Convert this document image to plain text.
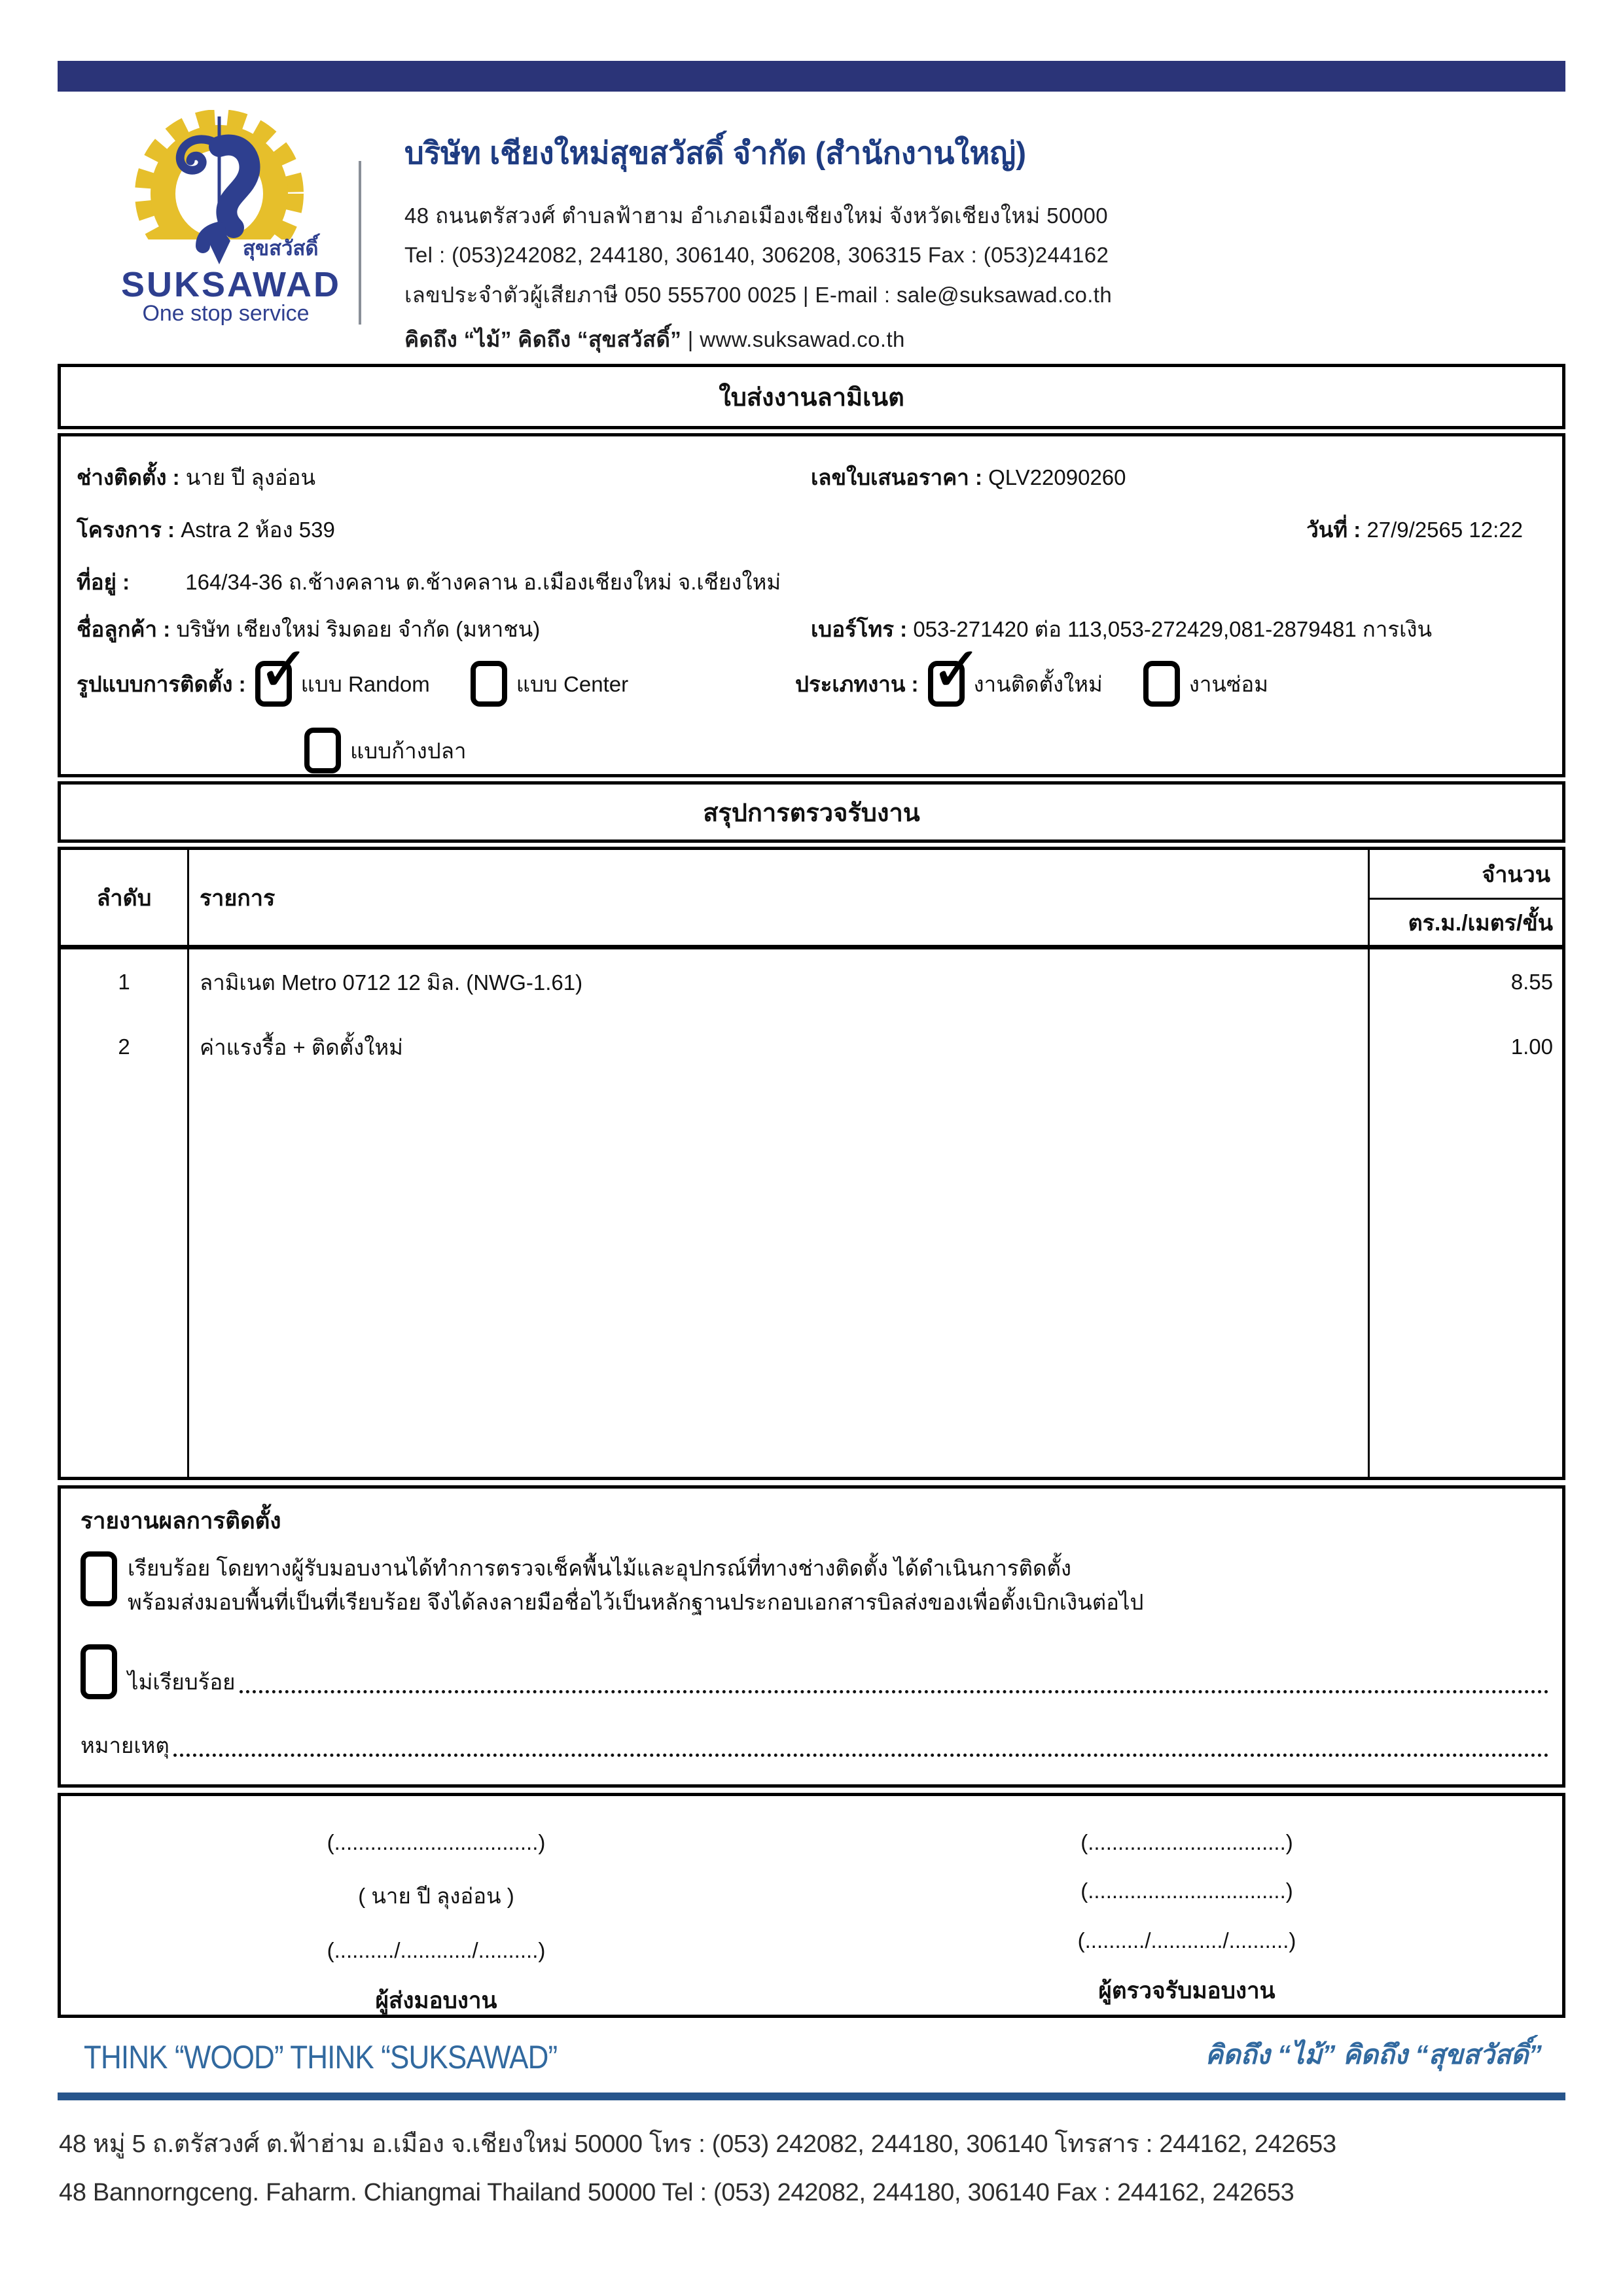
สุขสวัสดิ์
SUKSAWAD
One stop service
บริษัท เชียงใหม่สุขสวัสดิ์ จำกัด (สำนักงานใหญ่)
48 ถนนตรัสวงศ์ ตำบลฟ้าฮาม อำเภอเมืองเชียงใหม่ จังหวัดเชียงใหม่ 50000
Tel : (053)242082, 244180, 306140, 306208, 306315 Fax : (053)244162
เลขประจำตัวผู้เสียภาษี 050 555700 0025 | E-mail : sale@suksawad.co.th
คิดถึง “ไม้” คิดถึง “สุขสวัสดิ์” | www.suksawad.co.th
ใบส่งงานลามิเนต
ช่างติดตั้ง : นาย ปี ลุงอ่อน	เลขใบเสนอราคา : QLV22090260
โครงการ : Astra 2 ห้อง 539	วันที่ : 27/9/2565 12:22
ที่อยู่ :	164/34-36 ถ.ช้างคลาน ต.ช้างคลาน อ.เมืองเชียงใหม่ จ.เชียงใหม่
ชื่อลูกค้า : บริษัท เชียงใหม่ ริมดอย จำกัด (มหาชน)	เบอร์โทร : 053-271420 ต่อ 113,053-272429,081-2879481 การเงิน
รูปแบบการติดตั้ง : ✓	แบบ Random	แบบ Center	ประเภทงาน : ✓	งานติดตั้งใหม่	งานซ่อม
แบบก้างปลา
สรุปการตรวจรับงาน
ลำดับ	รายการ
จำนวน
ตร.ม./เมตร/ขั้น
1	ลามิเนต Metro 0712 12 มิล. (NWG-1.61)	8.55
2	ค่าแรงรื้อ + ติดตั้งใหม่	1.00
รายงานผลการติดตั้ง
เรียบร้อย โดยทางผู้รับมอบงานได้ทำการตรวจเช็คพื้นไม้และอุปกรณ์ที่ทางช่างติดตั้ง ได้ดำเนินการติดตั้ง
พร้อมส่งมอบพื้นที่เป็นที่เรียบร้อย จึงได้ลงลายมือชื่อไว้เป็นหลักฐานประกอบเอกสารบิลส่งของเพื่อตั้งเบิกเงินต่อไป
ไม่เรียบร้อย
หมายเหตุ
(..................................)
( นาย ปี ลุงอ่อน )
(........../............/..........)
ผู้ส่งมอบงาน
(.................................)
(.................................)
(........../............/..........)
ผู้ตรวจรับมอบงาน
THINK “WOOD” THINK “SUKSAWAD”	คิดถึง “ไม้” คิดถึง “สุขสวัสดิ์”
48 หมู่ 5 ถ.ตรัสวงศ์ ต.ฟ้าฮ่าม อ.เมือง จ.เชียงใหม่ 50000 โทร : (053) 242082, 244180, 306140 โทรสาร : 244162, 242653
48 Bannorngceng. Faharm. Chiangmai Thailand 50000 Tel : (053) 242082, 244180, 306140 Fax : 244162, 242653
